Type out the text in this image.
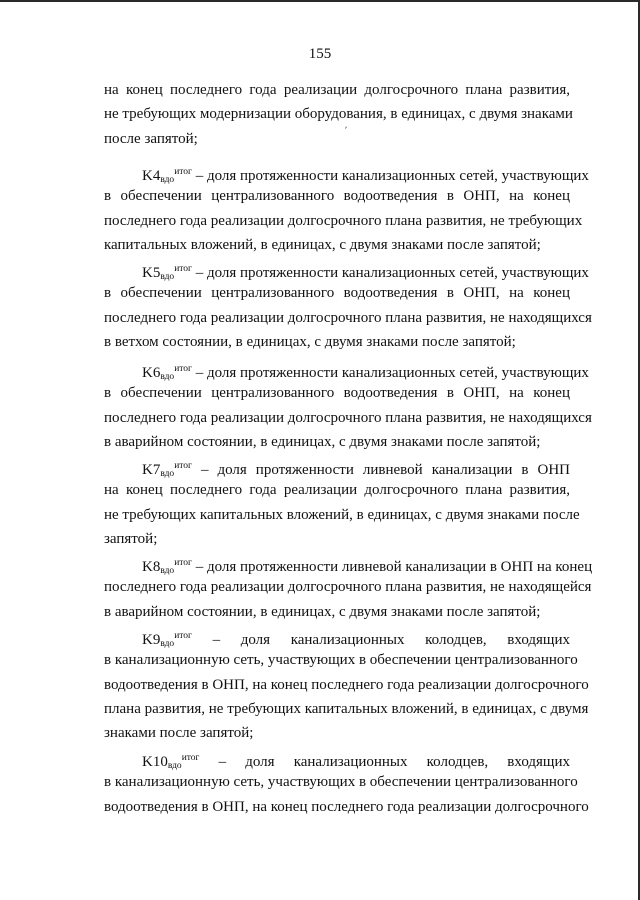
155
'

на конец последнего года реализации долгосрочного плана развития,
не требующих модернизации оборудования, в единицах, с двумя знаками
после запятой;

$K4_{вдо}^{итог}$ – доля протяженности канализационных сетей, участвующих
в обеспечении централизованного водоотведения в ОНП, на конец
последнего года реализации долгосрочного плана развития, не требующих
капитальных вложений, в единицах, с двумя знаками после запятой;

$K5_{вдо}^{итог}$ – доля протяженности канализационных сетей, участвующих
в обеспечении централизованного водоотведения в ОНП, на конец
последнего года реализации долгосрочного плана развития, не находящихся
в ветхом состоянии, в единицах, с двумя знаками после запятой;

$K6_{вдо}^{итог}$ – доля протяженности канализационных сетей, участвующих
в обеспечении централизованного водоотведения в ОНП, на конец
последнего года реализации долгосрочного плана развития, не находящихся
в аварийном состоянии, в единицах, с двумя знаками после запятой;

$K7_{вдо}^{итог}$ – доля протяженности ливневой канализации в ОНП
на конец последнего года реализации долгосрочного плана развития,
не требующих капитальных вложений, в единицах, с двумя знаками после
запятой;

$K8_{вдо}^{итог}$ – доля протяженности ливневой канализации в ОНП на конец
последнего года реализации долгосрочного плана развития, не находящейся
в аварийном состоянии, в единицах, с двумя знаками после запятой;

$K9_{вдо}^{итог}$ – доля канализационных колодцев, входящих
в канализационную сеть, участвующих в обеспечении централизованного
водоотведения в ОНП, на конец последнего года реализации долгосрочного
плана развития, не требующих капитальных вложений, в единицах, с двумя
знаками после запятой;

$K10_{вдо}^{итог}$ – доля канализационных колодцев, входящих
в канализационную сеть, участвующих в обеспечении централизованного
водоотведения в ОНП, на конец последнего года реализации долгосрочного
